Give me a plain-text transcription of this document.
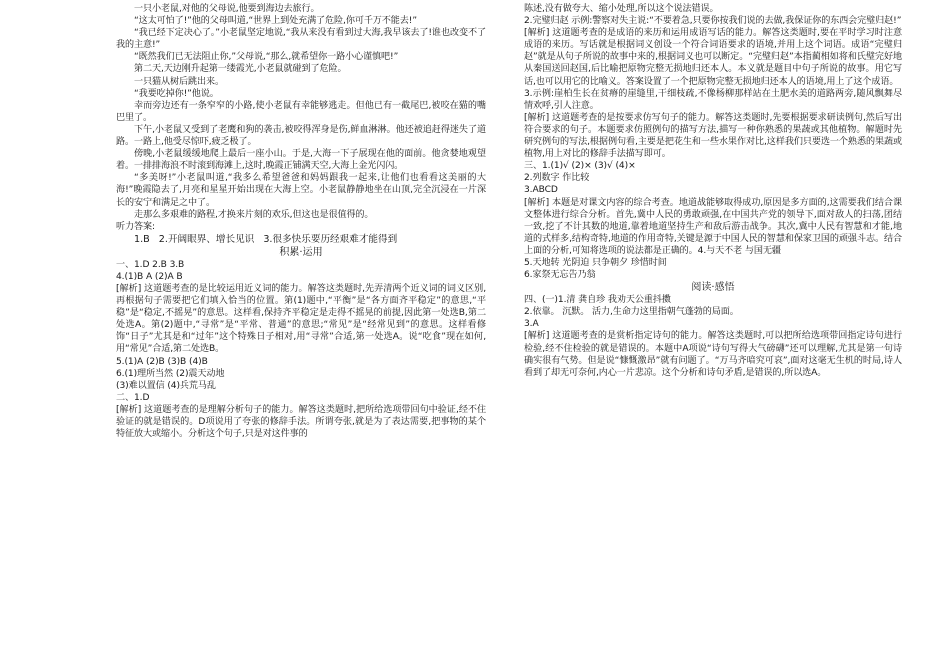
一只小老鼠,对他的父母说,他要到海边去旅行。

“这太可怕了!”他的父母叫道,“世界上到处充满了危险,你可千万不能去!”

“我已经下定决心了。”小老鼠坚定地说,“我从来没有看到过大海,我早该去了!谁也改变不了我的主意!”

“既然我们已无法阻止你,”父母说,“那么,就希望你一路小心谨慎吧!”

第二天,天边刚升起第一缕霞光,小老鼠就碰到了危险。

一只猫从树后跳出来。

“我要吃掉你!”他说。

幸而旁边还有一条窄窄的小路,使小老鼠有幸能够逃走。但他已有一截尾巴,被咬在猫的嘴巴里了。

下午,小老鼠又受到了老鹰和狗的袭击,被咬得浑身是伤,鲜血淋淋。他还被追赶得迷失了道路。一路上,他受尽惊吓,疲乏极了。

傍晚,小老鼠缓缓地爬上最后一座小山。于是,大海一下子展现在他的面前。他贪婪地观望着。一排排海浪不时滚到海滩上,这时,晚霞正铺满天空,大海上金光闪闪。

“多美呀!”小老鼠叫道,“我多么希望爸爸和妈妈跟我一起来,让他们也看看这美丽的大海!”晚霞隐去了,月亮和星星开始出现在大海上空。小老鼠静静地坐在山顶,完全沉浸在一片深长的安宁和满足之中了。

走那么多艰难的路程,才换来片刻的欢乐,但这也是很值得的。

听力答案:

1.B 2.开阔眼界、增长见识 3.很多快乐要历经艰难才能得到

积累·运用

一、1.D 2.B 3.B

4.(1)B A (2)A B

[解析] 这道题考查的是比较运用近义词的能力。解答这类题时,先弄清两个近义词的词义区别,再根据句子需要把它们填入恰当的位置。第(1)题中,“平衡”是“各方面齐平稳定”的意思,“平稳”是“稳定,不摇晃”的意思。这样看,保持齐平稳定是走得不摇晃的前提,因此第一处选B,第二处选A。第(2)题中,“寻常”是“平常、普通”的意思;“常见”是“经常见到”的意思。这样看修饰“日子”尤其是和“过年”这个特殊日子相对,用“寻常”合适,第一处选A。说“吃食”现在如何,用“常见”合适,第二处选B。

5.(1)A (2)B (3)B (4)B

6.(1)理所当然 (2)震天动地

(3)难以置信 (4)兵荒马乱

二、1.D

[解析] 这道题考查的是理解分析句子的能力。解答这类题时,把所给选项带回句中验证,经不住验证的就是错误的。D项说用了夸张的修辞手法。所谓夸张,就是为了表达需要,把事物的某个特征放大或缩小。分析这个句子,只是对这件事的

陈述,没有做夸大、缩小处理,所以这个说法错误。

2.完璧归赵 示例:警察对失主说:“不要着急,只要你按我们说的去做,我保证你的东西会完璧归赵!”

[解析] 这道题考查的是成语的来历和运用成语写话的能力。解答这类题时,要在平时学习时注意成语的来历。写话就是根据词义创设一个符合词语要求的语境,并用上这个词语。成语“完璧归赵”就是从句子所说的故事中来的,根据词义也可以断定。“完璧归赵”本指蔺相如将和氏璧完好地从秦国送回赵国,后比喻把原物完整无损地归还本人。本义就是题目中句子所说的故事。用它写话,也可以用它的比喻义。答案设置了一个把原物完整无损地归还本人的语境,用上了这个成语。

3.示例:崖柏生长在贫瘠的崖缝里,干细枝疏,不像杨柳那样站在土肥水美的道路两旁,随风飘舞尽情欢呼,引人注意。

[解析] 这道题考查的是按要求仿写句子的能力。解答这类题时,先要根据要求研读例句,然后写出符合要求的句子。本题要求仿照例句的描写方法,描写一种你熟悉的果蔬或其他植物。解题时先研究例句的写法,根据例句看,主要是把花生和一些水果作对比,这样我们只要选一个熟悉的果蔬或植物,用上对比的修辞手法描写即可。

三、1.(1)√ (2)× (3)√ (4)×

2.列数字 作比较

3.ABCD

[解析] 本题是对课文内容的综合考查。地道战能够取得成功,原因是多方面的,这需要我们结合课文整体进行综合分析。首先,冀中人民的勇敢顽强,在中国共产党的领导下,面对敌人的扫荡,团结一致,挖了不计其数的地道,靠着地道坚持生产和敌后游击战争。其次,冀中人民有智慧和才能,地道的式样多,结构奇特,地道的作用奇特,关键是源于中国人民的智慧和保家卫国的顽强斗志。结合上面的分析,可知将选项的说法都是正确的。4.与天不老 与国无疆

5.天地转 光阴迫 只争朝夕 珍惜时间

6.家祭无忘告乃翁

阅读·感悟

四、(一)1.清 龚自珍 我劝天公重抖擞

2.依靠。 沉默。 活力,生命力这里指朝气蓬勃的局面。

3.A

[解析] 这道题考查的是赏析指定诗句的能力。解答这类题时,可以把所给选项带回指定诗句进行检验,经不住检验的就是错误的。本题中A项说“诗句写得大气磅礴”还可以理解,尤其是第一句诗确实很有气势。但是说“慷慨激昂”就有问题了。“万马齐喑究可哀”,面对这毫无生机的时局,诗人看到了却无可奈何,内心一片悲凉。这个分析和诗句矛盾,是错误的,所以选A。
